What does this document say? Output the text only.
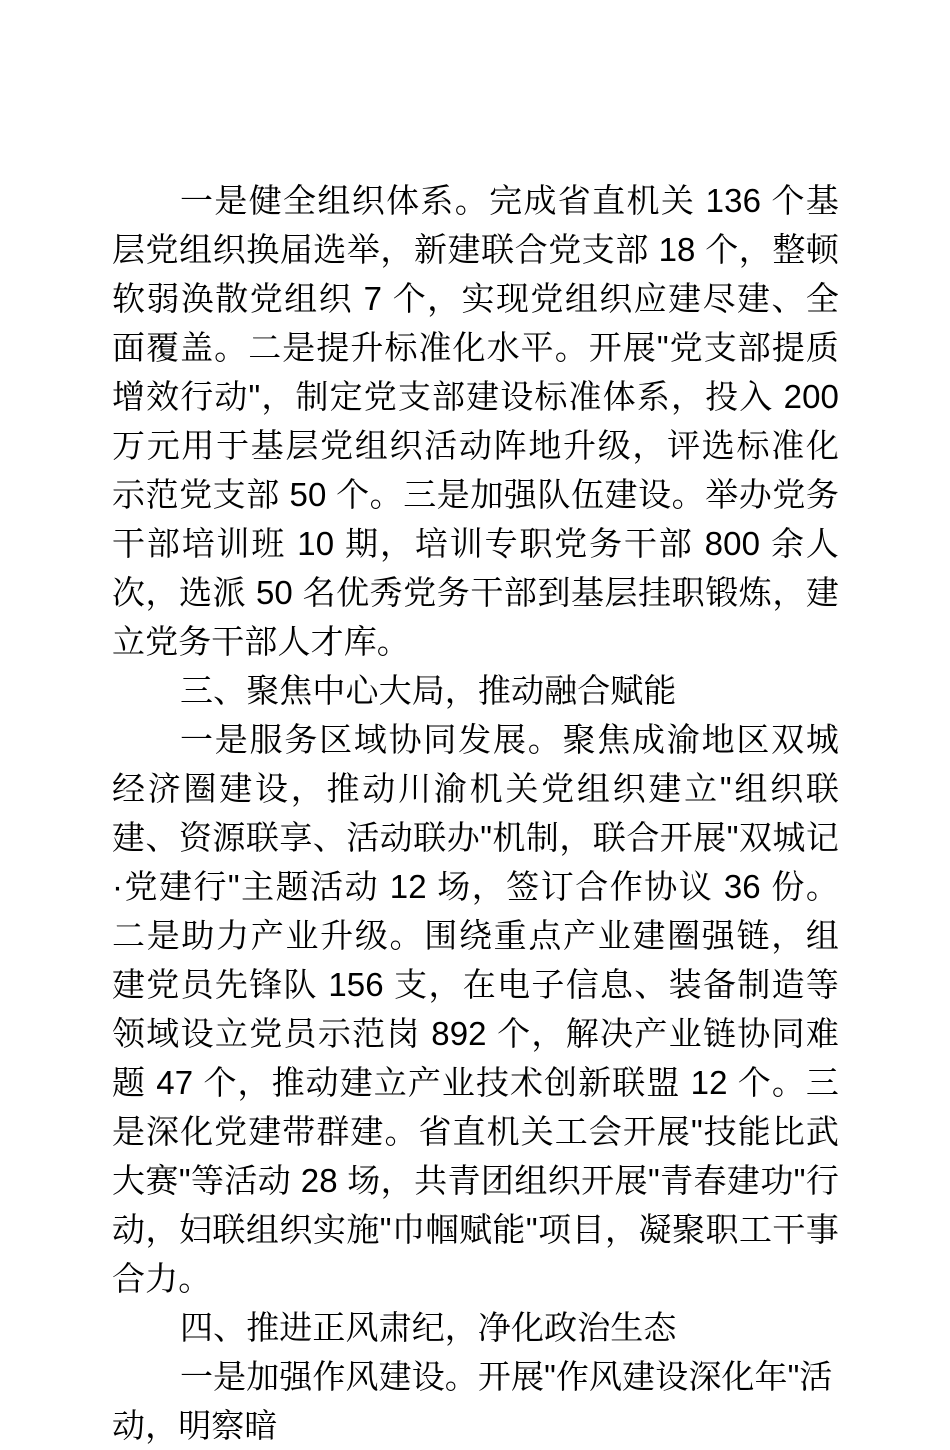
一是健全组织体系。完成省直机关 136 个基层党组织换届选举，新建联合党支部 18 个，整顿软弱涣散党组织 7 个，实现党组织应建尽建、全面覆盖。二是提升标准化水平。开展"党支部提质增效行动"，制定党支部建设标准体系，投入 200 万元用于基层党组织活动阵地升级，评选标准化示范党支部 50 个。三是加强队伍建设。举办党务干部培训班 10 期，培训专职党务干部 800 余人次，选派 50 名优秀党务干部到基层挂职锻炼，建立党务干部人才库。

三、聚焦中心大局，推动融合赋能

一是服务区域协同发展。聚焦成渝地区双城经济圈建设，推动川渝机关党组织建立"组织联建、资源联享、活动联办"机制，联合开展"双城记·党建行"主题活动 12 场，签订合作协议 36 份。二是助力产业升级。围绕重点产业建圈强链，组建党员先锋队 156 支，在电子信息、装备制造等领域设立党员示范岗 892 个，解决产业链协同难题 47 个，推动建立产业技术创新联盟 12 个。三是深化党建带群建。省直机关工会开展"技能比武大赛"等活动 28 场，共青团组织开展"青春建功"行动，妇联组织实施"巾帼赋能"项目，凝聚职工干事合力。

四、推进正风肃纪，净化政治生态

一是加强作风建设。开展"作风建设深化年"活动，明察暗
